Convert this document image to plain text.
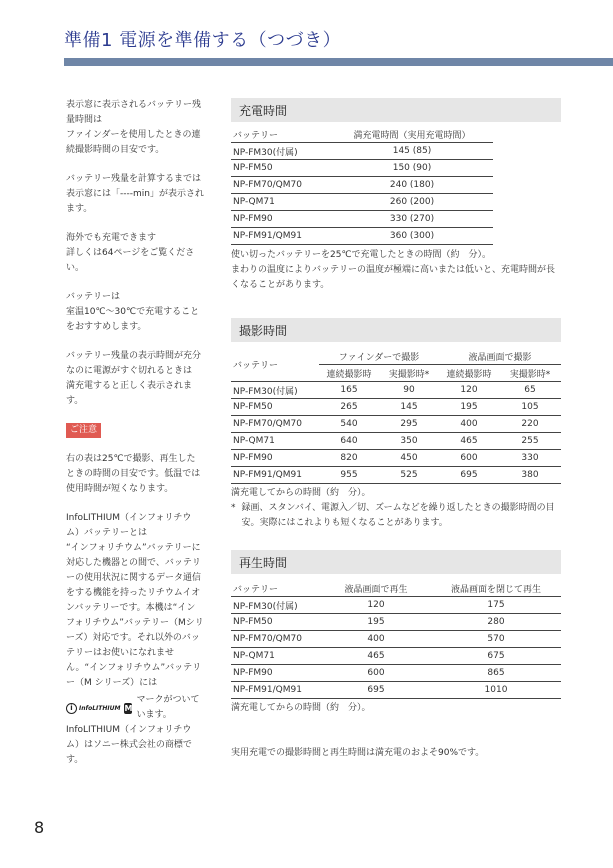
準備1 電源を準備する（つづき）

表示窓に表示されるバッテリー残量時間は
ファインダーを使用したときの連続撮影時間の目安です。

バッテリー残量を計算するまでは
表示窓には「----min」が表示されます。

海外でも充電できます
詳しくは64ページをご覧ください。

バッテリーは
室温10℃〜30℃で充電することをおすすめします。

バッテリー残量の表示時間が充分なのに電源がすぐ切れるときは
満充電すると正しく表示されます。

ご注意

右の表は25℃で撮影、再生したときの時間の目安です。低温では使用時間が短くなります。

InfoLITHIUM（インフォリチウム）バッテリーとは
“インフォリチウム”バッテリーに対応した機器との間で、バッテリーの使用状況に関するデータ通信をする機能を持ったリチウムイオンバッテリーです。本機は“インフォリチウム”バッテリー（Mシリーズ）対応です。それ以外のバッテリーはお使いになれません。“インフォリチウム”バッテリー（M シリーズ）には

i	InfoLITHIUM M
マークがついています。

InfoLITHIUM（インフォリチウム）はソニー株式会社の商標です。

充電時間
バッテリー	満充電時間（実用充電時間）
NP-FM30(付属)	145 (85)
NP-FM50	150 (90)
NP-FM70/QM70	240 (180)
NP-QM71	260 (200)
NP-FM90	330 (270)
NP-FM91/QM91	360 (300)
使い切ったバッテリーを25℃で充電したときの時間（約　分）。
まわりの温度によりバッテリーの温度が極端に高いまたは低いと、充電時間が長くなることがあります。
撮影時間
バッテリー	ファインダーで撮影		液晶画面で撮影	
	連続撮影時	実撮影時*	連続撮影時	実撮影時*
NP-FM30(付属)	165	90	120	65
NP-FM50	265	145	195	105
NP-FM70/QM70	540	295	400	220
NP-QM71	640	350	465	255
NP-FM90	820	450	600	330
NP-FM91/QM91	955	525	695	380
満充電してからの時間（約　分）。
* 録画、スタンバイ、電源入／切、ズームなどを繰り返したときの撮影時間の目安。実際にはこれよりも短くなることがあります。
再生時間
バッテリー	液晶画面で再生	液晶画面を閉じて再生
NP-FM30(付属)	120	175
NP-FM50	195	280
NP-FM70/QM70	400	570
NP-QM71	465	675
NP-FM90	600	865
NP-FM91/QM91	695	1010
満充電してからの時間（約　分）。
実用充電での撮影時間と再生時間は満充電のおよそ90%です。
8
